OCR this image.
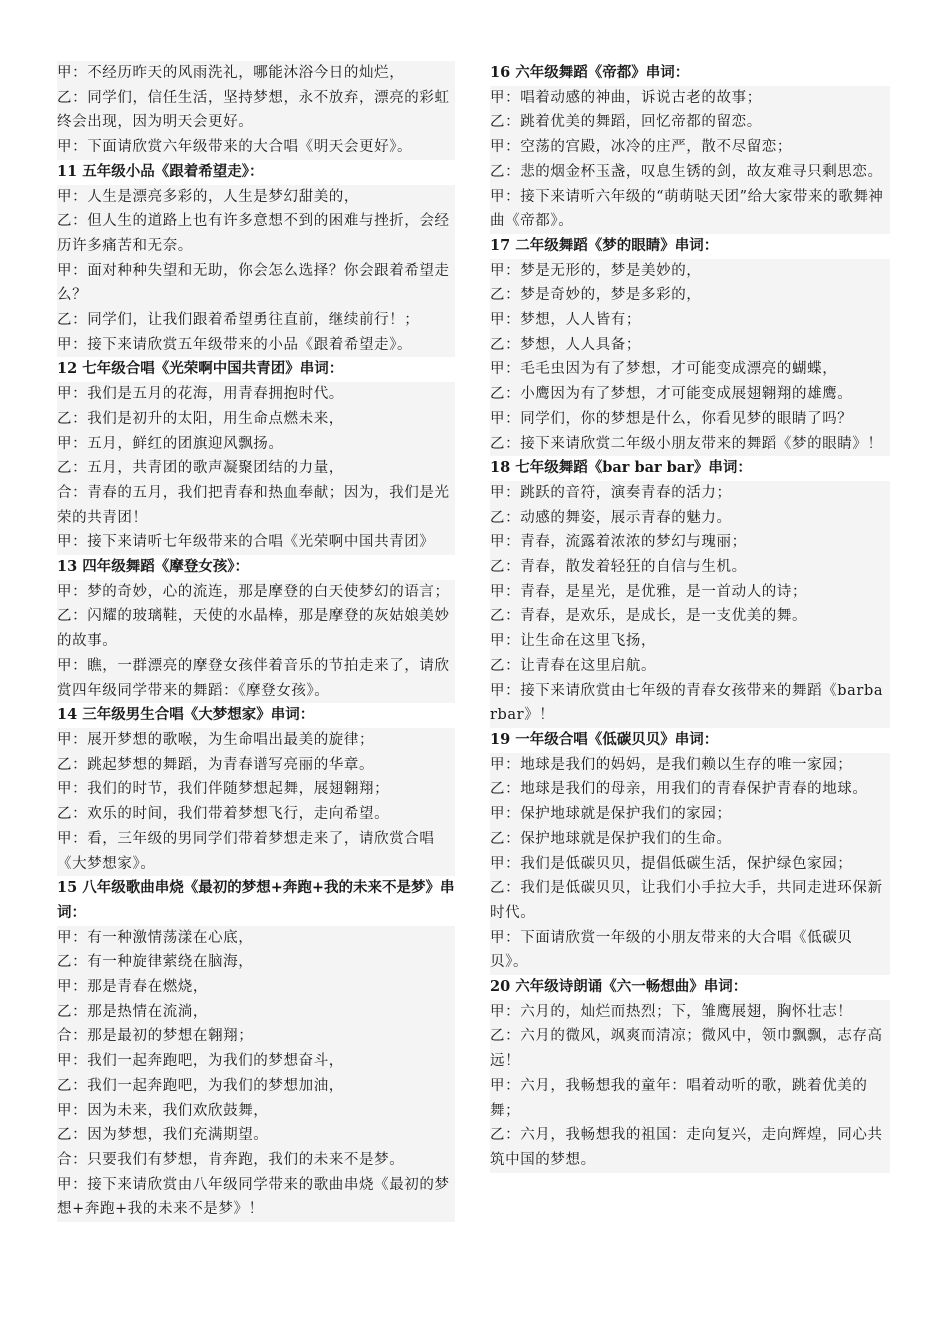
甲：不经历昨天的风雨洗礼，哪能沐浴今日的灿烂，
乙：同学们，信任生活，坚持梦想，永不放弃，漂亮的彩虹终会出现，因为明天会更好。
甲：下面请欣赏六年级带来的大合唱《明天会更好》。
11 五年级小品《跟着希望走》：
甲：人生是漂亮多彩的，人生是梦幻甜美的，
乙：但人生的道路上也有许多意想不到的困难与挫折，会经历许多痛苦和无奈。
甲：面对种种失望和无助，你会怎么选择？你会跟着希望走么？
乙：同学们，让我们跟着希望勇往直前，继续前行！；
甲：接下来请欣赏五年级带来的小品《跟着希望走》。
12 七年级合唱《光荣啊中国共青团》串词：
甲：我们是五月的花海，用青春拥抱时代。
乙：我们是初升的太阳，用生命点燃未来，
甲：五月，鲜红的团旗迎风飘扬。
乙：五月，共青团的歌声凝聚团结的力量，
合：青春的五月，我们把青春和热血奉献；因为，我们是光荣的共青团！
甲：接下来请听七年级带来的合唱《光荣啊中国共青团》
13 四年级舞蹈《摩登女孩》：
甲：梦的奇妙，心的流连，那是摩登的白天使梦幻的语言；
乙：闪耀的玻璃鞋，天使的水晶棒，那是摩登的灰姑娘美妙的故事。
甲：瞧，一群漂亮的摩登女孩伴着音乐的节拍走来了，请欣赏四年级同学带来的舞蹈：《摩登女孩》。
14 三年级男生合唱《大梦想家》串词：
甲：展开梦想的歌喉，为生命唱出最美的旋律；
乙：跳起梦想的舞蹈，为青春谱写亮丽的华章。
甲：我们的时节，我们伴随梦想起舞，展翅翱翔；
乙：欢乐的时间，我们带着梦想飞行，走向希望。
甲：看，三年级的男同学们带着梦想走来了，请欣赏合唱《大梦想家》。
15 八年级歌曲串烧《最初的梦想+奔跑+我的未来不是梦》串词：
甲：有一种激情荡漾在心底，
乙：有一种旋律萦绕在脑海，
甲：那是青春在燃烧，
乙：那是热情在流淌，
合：那是最初的梦想在翱翔；
甲：我们一起奔跑吧，为我们的梦想奋斗，
乙：我们一起奔跑吧，为我们的梦想加油，
甲：因为未来，我们欢欣鼓舞，
乙：因为梦想，我们充满期望。
合：只要我们有梦想，肯奔跑，我们的未来不是梦。
甲：接下来请欣赏由八年级同学带来的歌曲串烧《最初的梦想+奔跑+我的未来不是梦》！
16 六年级舞蹈《帝都》串词：
甲：唱着动感的神曲，诉说古老的故事；
乙：跳着优美的舞蹈，回忆帝都的留恋。
甲：空荡的宫殿，冰冷的庄严，散不尽留恋；
乙：悲的烟金杯玉盏，叹息生锈的剑，故友难寻只剩思恋。
甲：接下来请听六年级的“萌萌哒天团”给大家带来的歌舞神曲《帝都》。
17 二年级舞蹈《梦的眼睛》串词：
甲：梦是无形的，梦是美妙的，
乙：梦是奇妙的，梦是多彩的，
甲：梦想，人人皆有；
乙：梦想，人人具备；
甲：毛毛虫因为有了梦想，才可能变成漂亮的蝴蝶，
乙：小鹰因为有了梦想，才可能变成展翅翱翔的雄鹰。
甲：同学们，你的梦想是什么，你看见梦的眼睛了吗？
乙：接下来请欣赏二年级小朋友带来的舞蹈《梦的眼睛》！
18 七年级舞蹈《bar bar bar》串词：
甲：跳跃的音符，演奏青春的活力；
乙：动感的舞姿，展示青春的魅力。
甲：青春，流露着浓浓的梦幻与瑰丽；
乙：青春，散发着轻狂的自信与生机。
甲：青春，是星光，是优雅，是一首动人的诗；
乙：青春，是欢乐，是成长，是一支优美的舞。
甲：让生命在这里飞扬，
乙：让青春在这里启航。
甲：接下来请欣赏由七年级的青春女孩带来的舞蹈《barbarbar》！
19 一年级合唱《低碳贝贝》串词：
甲：地球是我们的妈妈，是我们赖以生存的唯一家园；
乙：地球是我们的母亲，用我们的青春保护青春的地球。
甲：保护地球就是保护我们的家园；
乙：保护地球就是保护我们的生命。
甲：我们是低碳贝贝，提倡低碳生活，保护绿色家园；
乙：我们是低碳贝贝，让我们小手拉大手，共同走进环保新时代。
甲：下面请欣赏一年级的小朋友带来的大合唱《低碳贝贝》。
20 六年级诗朗诵《六一畅想曲》串词：
甲：六月的，灿烂而热烈；下，雏鹰展翅，胸怀壮志！
乙：六月的微风，飒爽而清凉；微风中，领巾飘飘，志存高远！
甲：六月，我畅想我的童年：唱着动听的歌，跳着优美的舞；
乙：六月，我畅想我的祖国：走向复兴，走向辉煌，同心共筑中国的梦想。
